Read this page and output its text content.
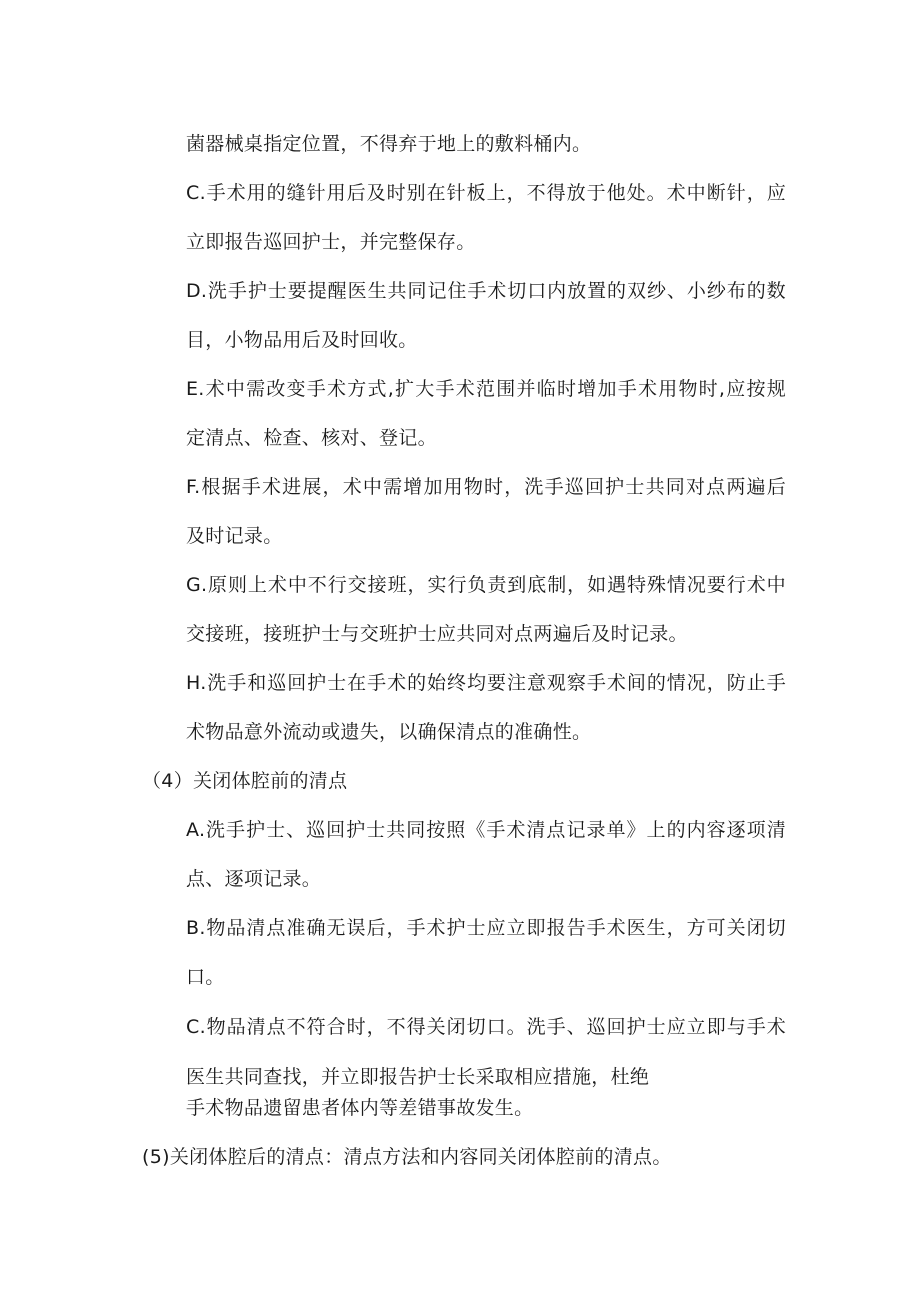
菌器械桌指定位置，不得弃于地上的敷料桶内。
C.手术用的缝针用后及时别在针板上，不得放于他处。术中断针，应
立即报告巡回护士，并完整保存。
D.洗手护士要提醒医生共同记住手术切口内放置的双纱、小纱布的数
目，小物品用后及时回收。
E.术中需改变手术方式,扩大手术范围并临时增加手术用物时,应按规
定清点、检查、核对、登记。
F.根据手术进展，术中需增加用物时，洗手巡回护士共同对点两遍后
及时记录。
G.原则上术中不行交接班，实行负责到底制，如遇特殊情况要行术中
交接班，接班护士与交班护士应共同对点两遍后及时记录。
H.洗手和巡回护士在手术的始终均要注意观察手术间的情况，防止手
术物品意外流动或遗失，以确保清点的准确性。
（4）关闭体腔前的清点
A.洗手护士、巡回护士共同按照《手术清点记录单》上的内容逐项清
点、逐项记录。
B.物品清点准确无误后，手术护士应立即报告手术医生，方可关闭切
口。
C.物品清点不符合时，不得关闭切口。洗手、巡回护士应立即与手术
医生共同查找，并立即报告护士长采取相应措施，杜绝
手术物品遗留患者体内等差错事故发生。
(5)关闭体腔后的清点：清点方法和内容同关闭体腔前的清点。
